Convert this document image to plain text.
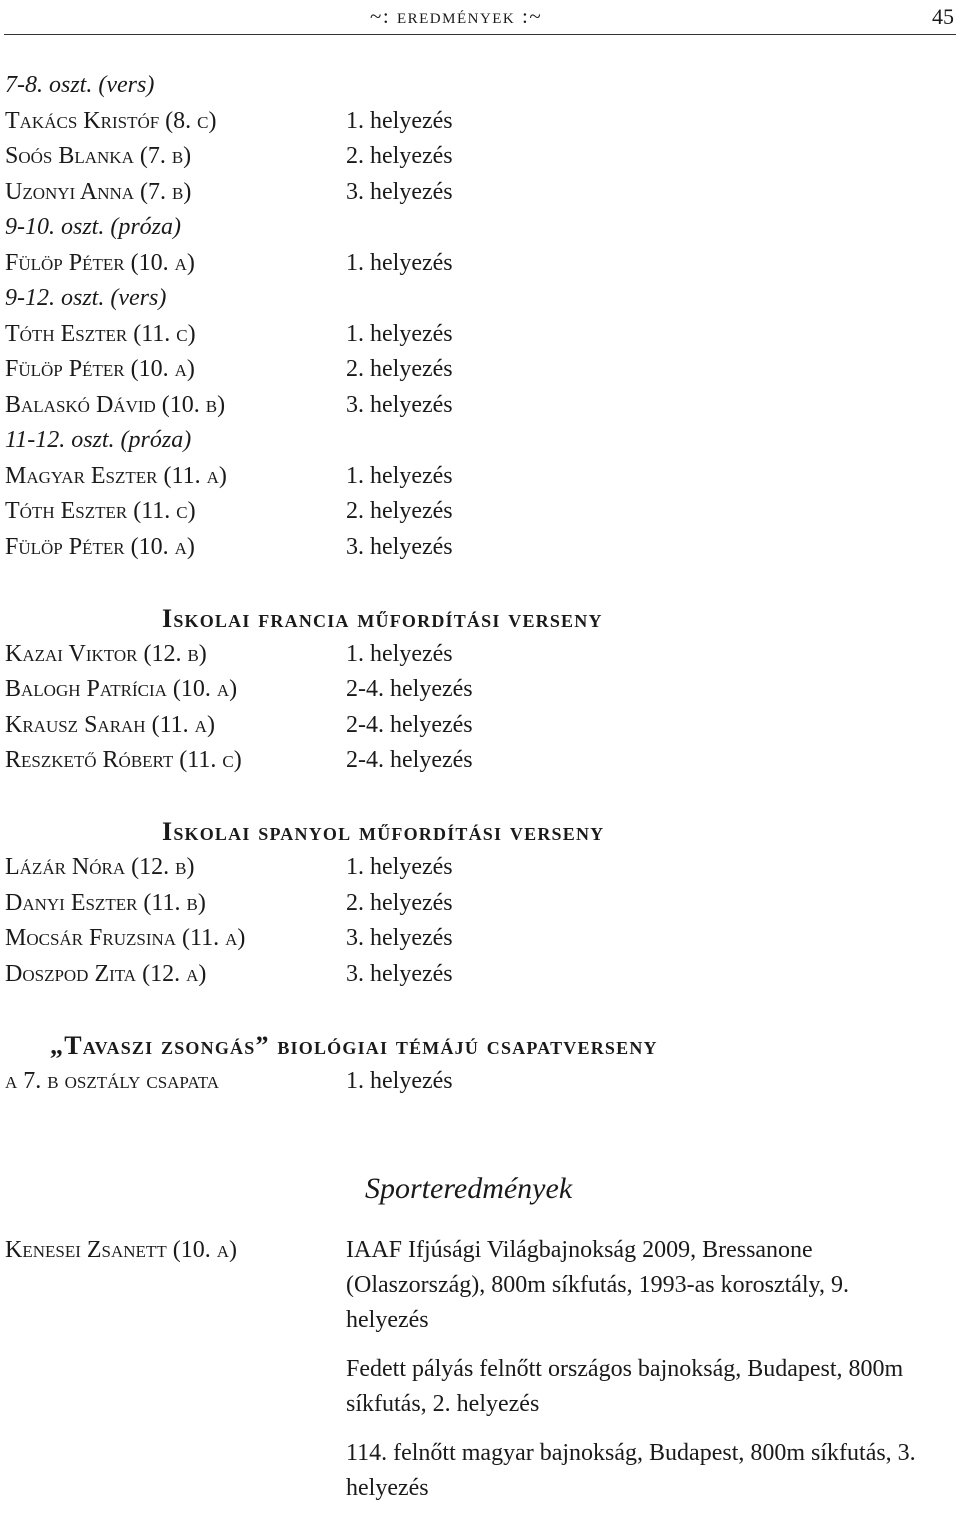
~: eredmények :~	45
7-8. oszt. (vers)
Takács Kristóf (8. c)	1. helyezés
Soós Blanka (7. b)	2. helyezés
Uzonyi Anna (7. b)	3. helyezés
9-10. oszt. (próza)
Fülöp Péter (10. a)	1. helyezés
9-12. oszt. (vers)
Tóth Eszter (11. c)	1. helyezés
Fülöp Péter (10. a)	2. helyezés
Balaskó Dávid (10. b)	3. helyezés
11-12. oszt. (próza)
Magyar Eszter (11. a)	1. helyezés
Tóth Eszter (11. c)	2. helyezés
Fülöp Péter (10. a)	3. helyezés
Iskolai francia műfordítási verseny
Kazai Viktor (12. b)	1. helyezés
Balogh Patrícia (10. a)	2-4. helyezés
Krausz Sarah (11. a)	2-4. helyezés
Reszkető Róbert (11. c)	2-4. helyezés
Iskolai spanyol műfordítási verseny
Lázár Nóra (12. b)	1. helyezés
Danyi Eszter (11. b)	2. helyezés
Mocsár Fruzsina (11. a)	3. helyezés
Doszpod Zita (12. a)	3. helyezés
„Tavaszi zsongás” biológiai témájú csapatverseny
a 7. b osztály csapata	1. helyezés
Sporteredmények
Kenesei Zsanett (10. a)	IAAF Ifjúsági Világbajnokság 2009, Bressanone (Olaszország), 800m síkfutás, 1993-as korosztály, 9. helyezés

Fedett pályás felnőtt országos bajnokság, Budapest, 800m síkfutás, 2. helyezés

114. felnőtt magyar bajnokság, Budapest, 800m síkfutás, 3. helyezés
